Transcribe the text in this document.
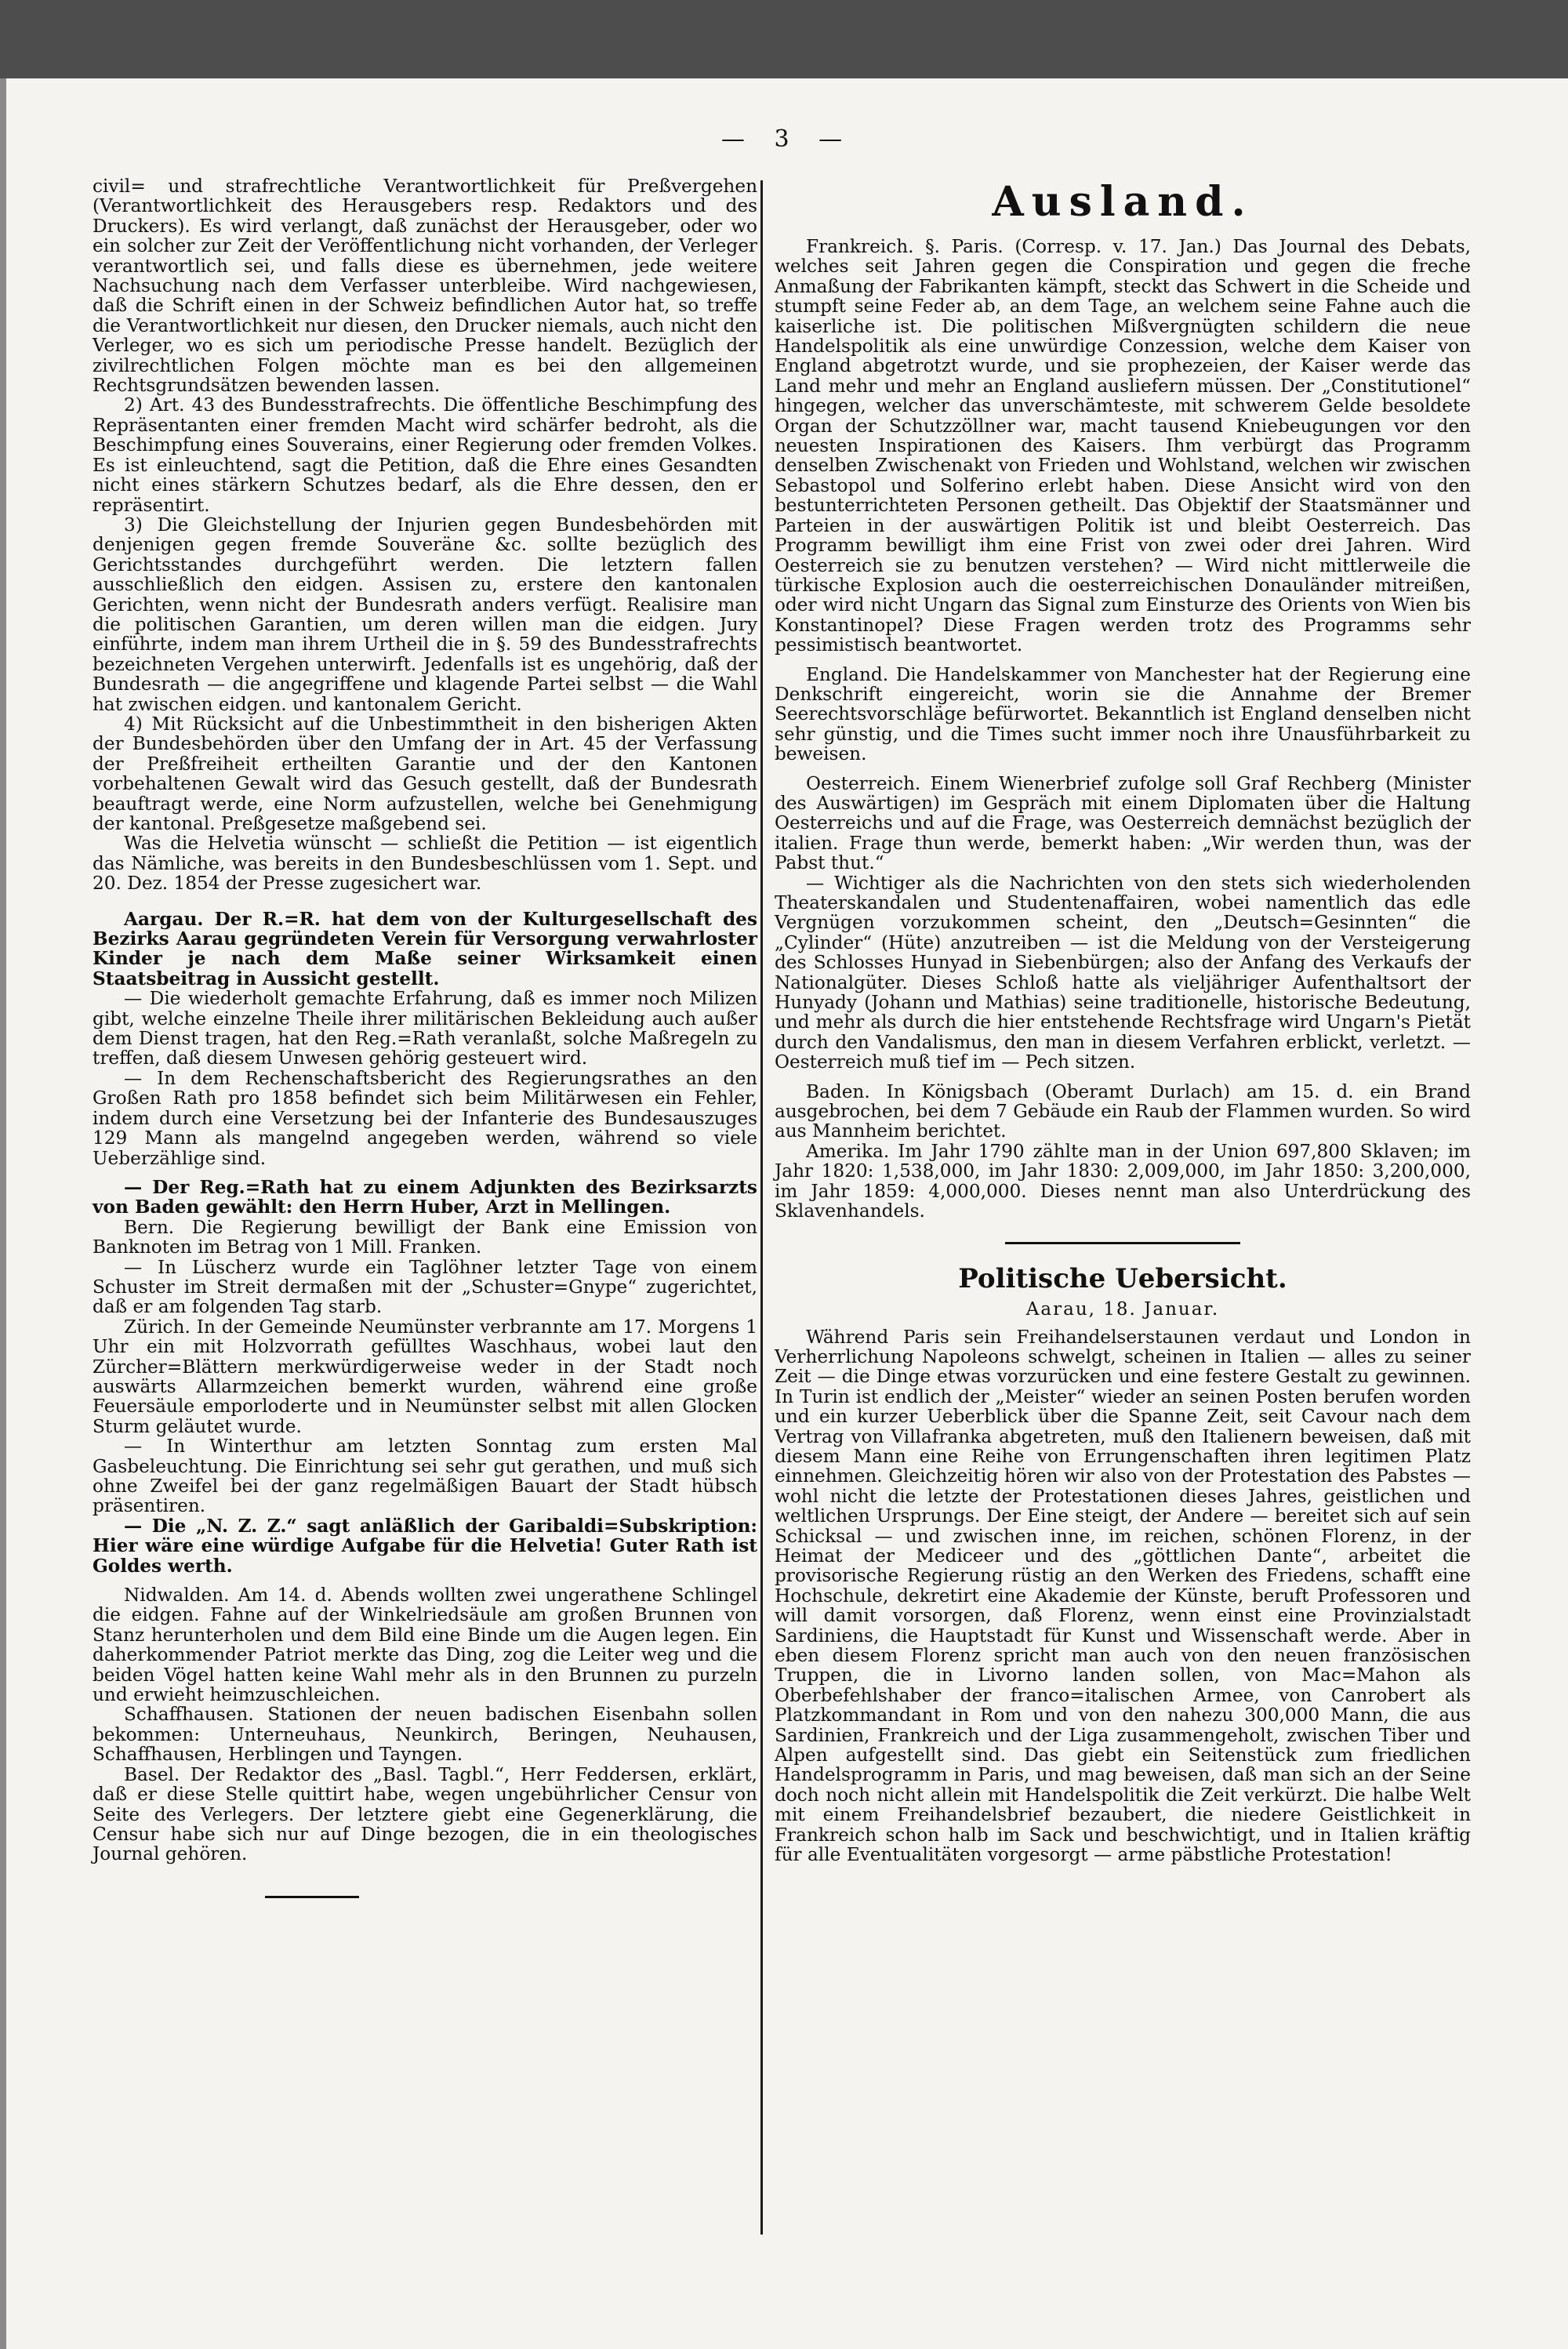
— 3 —

civil= und strafrechtliche Verantwortlichkeit für Preßvergehen (Verantwortlichkeit des Herausgebers resp. Redaktors und des Druckers). Es wird verlangt, daß zunächst der Herausgeber, oder wo ein solcher zur Zeit der Veröffentlichung nicht vorhanden, der Verleger verantwortlich sei, und falls diese es übernehmen, jede weitere Nachsuchung nach dem Verfasser unterbleibe. Wird nachgewiesen, daß die Schrift einen in der Schweiz befindlichen Autor hat, so treffe die Verantwortlichkeit nur diesen, den Drucker niemals, auch nicht den Verleger, wo es sich um periodische Presse handelt. Bezüglich der zivilrechtlichen Folgen möchte man es bei den allgemeinen Rechtsgrundsätzen bewenden lassen.

2) Art. 43 des Bundesstrafrechts. Die öffentliche Beschimpfung des Repräsentanten einer fremden Macht wird schärfer bedroht, als die Beschimpfung eines Souverains, einer Regierung oder fremden Volkes. Es ist einleuchtend, sagt die Petition, daß die Ehre eines Gesandten nicht eines stärkern Schutzes bedarf, als die Ehre dessen, den er repräsentirt.

3) Die Gleichstellung der Injurien gegen Bundesbehörden mit denjenigen gegen fremde Souveräne &c. sollte bezüglich des Gerichtsstandes durchgeführt werden. Die letztern fallen ausschließlich den eidgen. Assisen zu, erstere den kantonalen Gerichten, wenn nicht der Bundesrath anders verfügt. Realisire man die politischen Garantien, um deren willen man die eidgen. Jury einführte, indem man ihrem Urtheil die in §. 59 des Bundesstrafrechts bezeichneten Vergehen unterwirft. Jedenfalls ist es ungehörig, daß der Bundesrath — die angegriffene und klagende Partei selbst — die Wahl hat zwischen eidgen. und kantonalem Gericht.

4) Mit Rücksicht auf die Unbestimmtheit in den bisherigen Akten der Bundesbehörden über den Umfang der in Art. 45 der Verfassung der Preßfreiheit ertheilten Garantie und der den Kantonen vorbehaltenen Gewalt wird das Gesuch gestellt, daß der Bundesrath beauftragt werde, eine Norm aufzustellen, welche bei Genehmigung der kantonal. Preßgesetze maßgebend sei.

Was die Helvetia wünscht — schließt die Petition — ist eigentlich das Nämliche, was bereits in den Bundesbeschlüssen vom 1. Sept. und 20. Dez. 1854 der Presse zugesichert war.

Aargau. Der R.=R. hat dem von der Kulturgesellschaft des Bezirks Aarau gegründeten Verein für Versorgung verwahrloster Kinder je nach dem Maße seiner Wirksamkeit einen Staatsbeitrag in Aussicht gestellt.

— Die wiederholt gemachte Erfahrung, daß es immer noch Milizen gibt, welche einzelne Theile ihrer militärischen Bekleidung auch außer dem Dienst tragen, hat den Reg.=Rath veranlaßt, solche Maßregeln zu treffen, daß diesem Unwesen gehörig gesteuert wird.

— In dem Rechenschaftsbericht des Regierungsrathes an den Großen Rath pro 1858 befindet sich beim Militärwesen ein Fehler, indem durch eine Versetzung bei der Infanterie des Bundesauszuges 129 Mann als mangelnd angegeben werden, während so viele Ueberzählige sind.

— Der Reg.=Rath hat zu einem Adjunkten des Bezirksarzts von Baden gewählt: den Herrn Huber, Arzt in Mellingen.

Bern. Die Regierung bewilligt der Bank eine Emission von Banknoten im Betrag von 1 Mill. Franken.

— In Lüscherz wurde ein Taglöhner letzter Tage von einem Schuster im Streit dermaßen mit der „Schuster=Gnype“ zugerichtet, daß er am folgenden Tag starb.

Zürich. In der Gemeinde Neumünster verbrannte am 17. Morgens 1 Uhr ein mit Holzvorrath gefülltes Waschhaus, wobei laut den Zürcher=Blättern merkwürdigerweise weder in der Stadt noch auswärts Allarmzeichen bemerkt wurden, während eine große Feuersäule emporloderte und in Neumünster selbst mit allen Glocken Sturm geläutet wurde.

— In Winterthur am letzten Sonntag zum ersten Mal Gasbeleuchtung. Die Einrichtung sei sehr gut gerathen, und muß sich ohne Zweifel bei der ganz regelmäßigen Bauart der Stadt hübsch präsentiren.

— Die „N. Z. Z.“ sagt anläßlich der Garibaldi=Subskription: Hier wäre eine würdige Aufgabe für die Helvetia! Guter Rath ist Goldes werth.

Nidwalden. Am 14. d. Abends wollten zwei ungerathene Schlingel die eidgen. Fahne auf der Winkelriedsäule am großen Brunnen von Stanz herunterholen und dem Bild eine Binde um die Augen legen. Ein daherkommender Patriot merkte das Ding, zog die Leiter weg und die beiden Vögel hatten keine Wahl mehr als in den Brunnen zu purzeln und erwieht heimzuschleichen.

Schaffhausen. Stationen der neuen badischen Eisenbahn sollen bekommen: Unterneuhaus, Neunkirch, Beringen, Neuhausen, Schaffhausen, Herblingen und Tayngen.

Basel. Der Redaktor des „Basl. Tagbl.“, Herr Feddersen, erklärt, daß er diese Stelle quittirt habe, wegen ungebührlicher Censur von Seite des Verlegers. Der letztere giebt eine Gegenerklärung, die Censur habe sich nur auf Dinge bezogen, die in ein theologisches Journal gehören.

Ausland.

Frankreich. §. Paris. (Corresp. v. 17. Jan.) Das Journal des Debats, welches seit Jahren gegen die Conspiration und gegen die freche Anmaßung der Fabrikanten kämpft, steckt das Schwert in die Scheide und stumpft seine Feder ab, an dem Tage, an welchem seine Fahne auch die kaiserliche ist. Die politischen Mißvergnügten schildern die neue Handelspolitik als eine unwürdige Conzession, welche dem Kaiser von England abgetrotzt wurde, und sie prophezeien, der Kaiser werde das Land mehr und mehr an England ausliefern müssen. Der „Constitutionel“ hingegen, welcher das unverschämteste, mit schwerem Gelde besoldete Organ der Schutzzöllner war, macht tausend Kniebeugungen vor den neuesten Inspirationen des Kaisers. Ihm verbürgt das Programm denselben Zwischenakt von Frieden und Wohlstand, welchen wir zwischen Sebastopol und Solferino erlebt haben. Diese Ansicht wird von den bestunterrichteten Personen getheilt. Das Objektif der Staatsmänner und Parteien in der auswärtigen Politik ist und bleibt Oesterreich. Das Programm bewilligt ihm eine Frist von zwei oder drei Jahren. Wird Oesterreich sie zu benutzen verstehen? — Wird nicht mittlerweile die türkische Explosion auch die oesterreichischen Donauländer mitreißen, oder wird nicht Ungarn das Signal zum Einsturze des Orients von Wien bis Konstantinopel? Diese Fragen werden trotz des Programms sehr pessimistisch beantwortet.

England. Die Handelskammer von Manchester hat der Regierung eine Denkschrift eingereicht, worin sie die Annahme der Bremer Seerechtsvorschläge befürwortet. Bekanntlich ist England denselben nicht sehr günstig, und die Times sucht immer noch ihre Unausführbarkeit zu beweisen.

Oesterreich. Einem Wienerbrief zufolge soll Graf Rechberg (Minister des Auswärtigen) im Gespräch mit einem Diplomaten über die Haltung Oesterreichs und auf die Frage, was Oesterreich demnächst bezüglich der italien. Frage thun werde, bemerkt haben: „Wir werden thun, was der Pabst thut.“

— Wichtiger als die Nachrichten von den stets sich wiederholenden Theaterskandalen und Studentenaffairen, wobei namentlich das edle Vergnügen vorzukommen scheint, den „Deutsch=Gesinnten“ die „Cylinder“ (Hüte) anzutreiben — ist die Meldung von der Versteigerung des Schlosses Hunyad in Siebenbürgen; also der Anfang des Verkaufs der Nationalgüter. Dieses Schloß hatte als vieljähriger Aufenthaltsort der Hunyady (Johann und Mathias) seine traditionelle, historische Bedeutung, und mehr als durch die hier entstehende Rechtsfrage wird Ungarn's Pietät durch den Vandalismus, den man in diesem Verfahren erblickt, verletzt. — Oesterreich muß tief im — Pech sitzen.

Baden. In Königsbach (Oberamt Durlach) am 15. d. ein Brand ausgebrochen, bei dem 7 Gebäude ein Raub der Flammen wurden. So wird aus Mannheim berichtet.

Amerika. Im Jahr 1790 zählte man in der Union 697,800 Sklaven; im Jahr 1820: 1,538,000, im Jahr 1830: 2,009,000, im Jahr 1850: 3,200,000, im Jahr 1859: 4,000,000. Dieses nennt man also Unterdrückung des Sklavenhandels.

Politische Uebersicht.
Aarau, 18. Januar.

Während Paris sein Freihandelserstaunen verdaut und London in Verherrlichung Napoleons schwelgt, scheinen in Italien — alles zu seiner Zeit — die Dinge etwas vorzurücken und eine festere Gestalt zu gewinnen. In Turin ist endlich der „Meister“ wieder an seinen Posten berufen worden und ein kurzer Ueberblick über die Spanne Zeit, seit Cavour nach dem Vertrag von Villafranka abgetreten, muß den Italienern beweisen, daß mit diesem Mann eine Reihe von Errungenschaften ihren legitimen Platz einnehmen. Gleichzeitig hören wir also von der Protestation des Pabstes — wohl nicht die letzte der Protestationen dieses Jahres, geistlichen und weltlichen Ursprungs. Der Eine steigt, der Andere — bereitet sich auf sein Schicksal — und zwischen inne, im reichen, schönen Florenz, in der Heimat der Mediceer und des „göttlichen Dante“, arbeitet die provisorische Regierung rüstig an den Werken des Friedens, schafft eine Hochschule, dekretirt eine Akademie der Künste, beruft Professoren und will damit vorsorgen, daß Florenz, wenn einst eine Provinzialstadt Sardiniens, die Hauptstadt für Kunst und Wissenschaft werde. Aber in eben diesem Florenz spricht man auch von den neuen französischen Truppen, die in Livorno landen sollen, von Mac=Mahon als Oberbefehlshaber der franco=italischen Armee, von Canrobert als Platzkommandant in Rom und von den nahezu 300,000 Mann, die aus Sardinien, Frankreich und der Liga zusammengeholt, zwischen Tiber und Alpen aufgestellt sind. Das giebt ein Seitenstück zum friedlichen Handelsprogramm in Paris, und mag beweisen, daß man sich an der Seine doch noch nicht allein mit Handelspolitik die Zeit verkürzt. Die halbe Welt mit einem Freihandelsbrief bezaubert, die niedere Geistlichkeit in Frankreich schon halb im Sack und beschwichtigt, und in Italien kräftig für alle Eventualitäten vorgesorgt — arme päbstliche Protestation!
